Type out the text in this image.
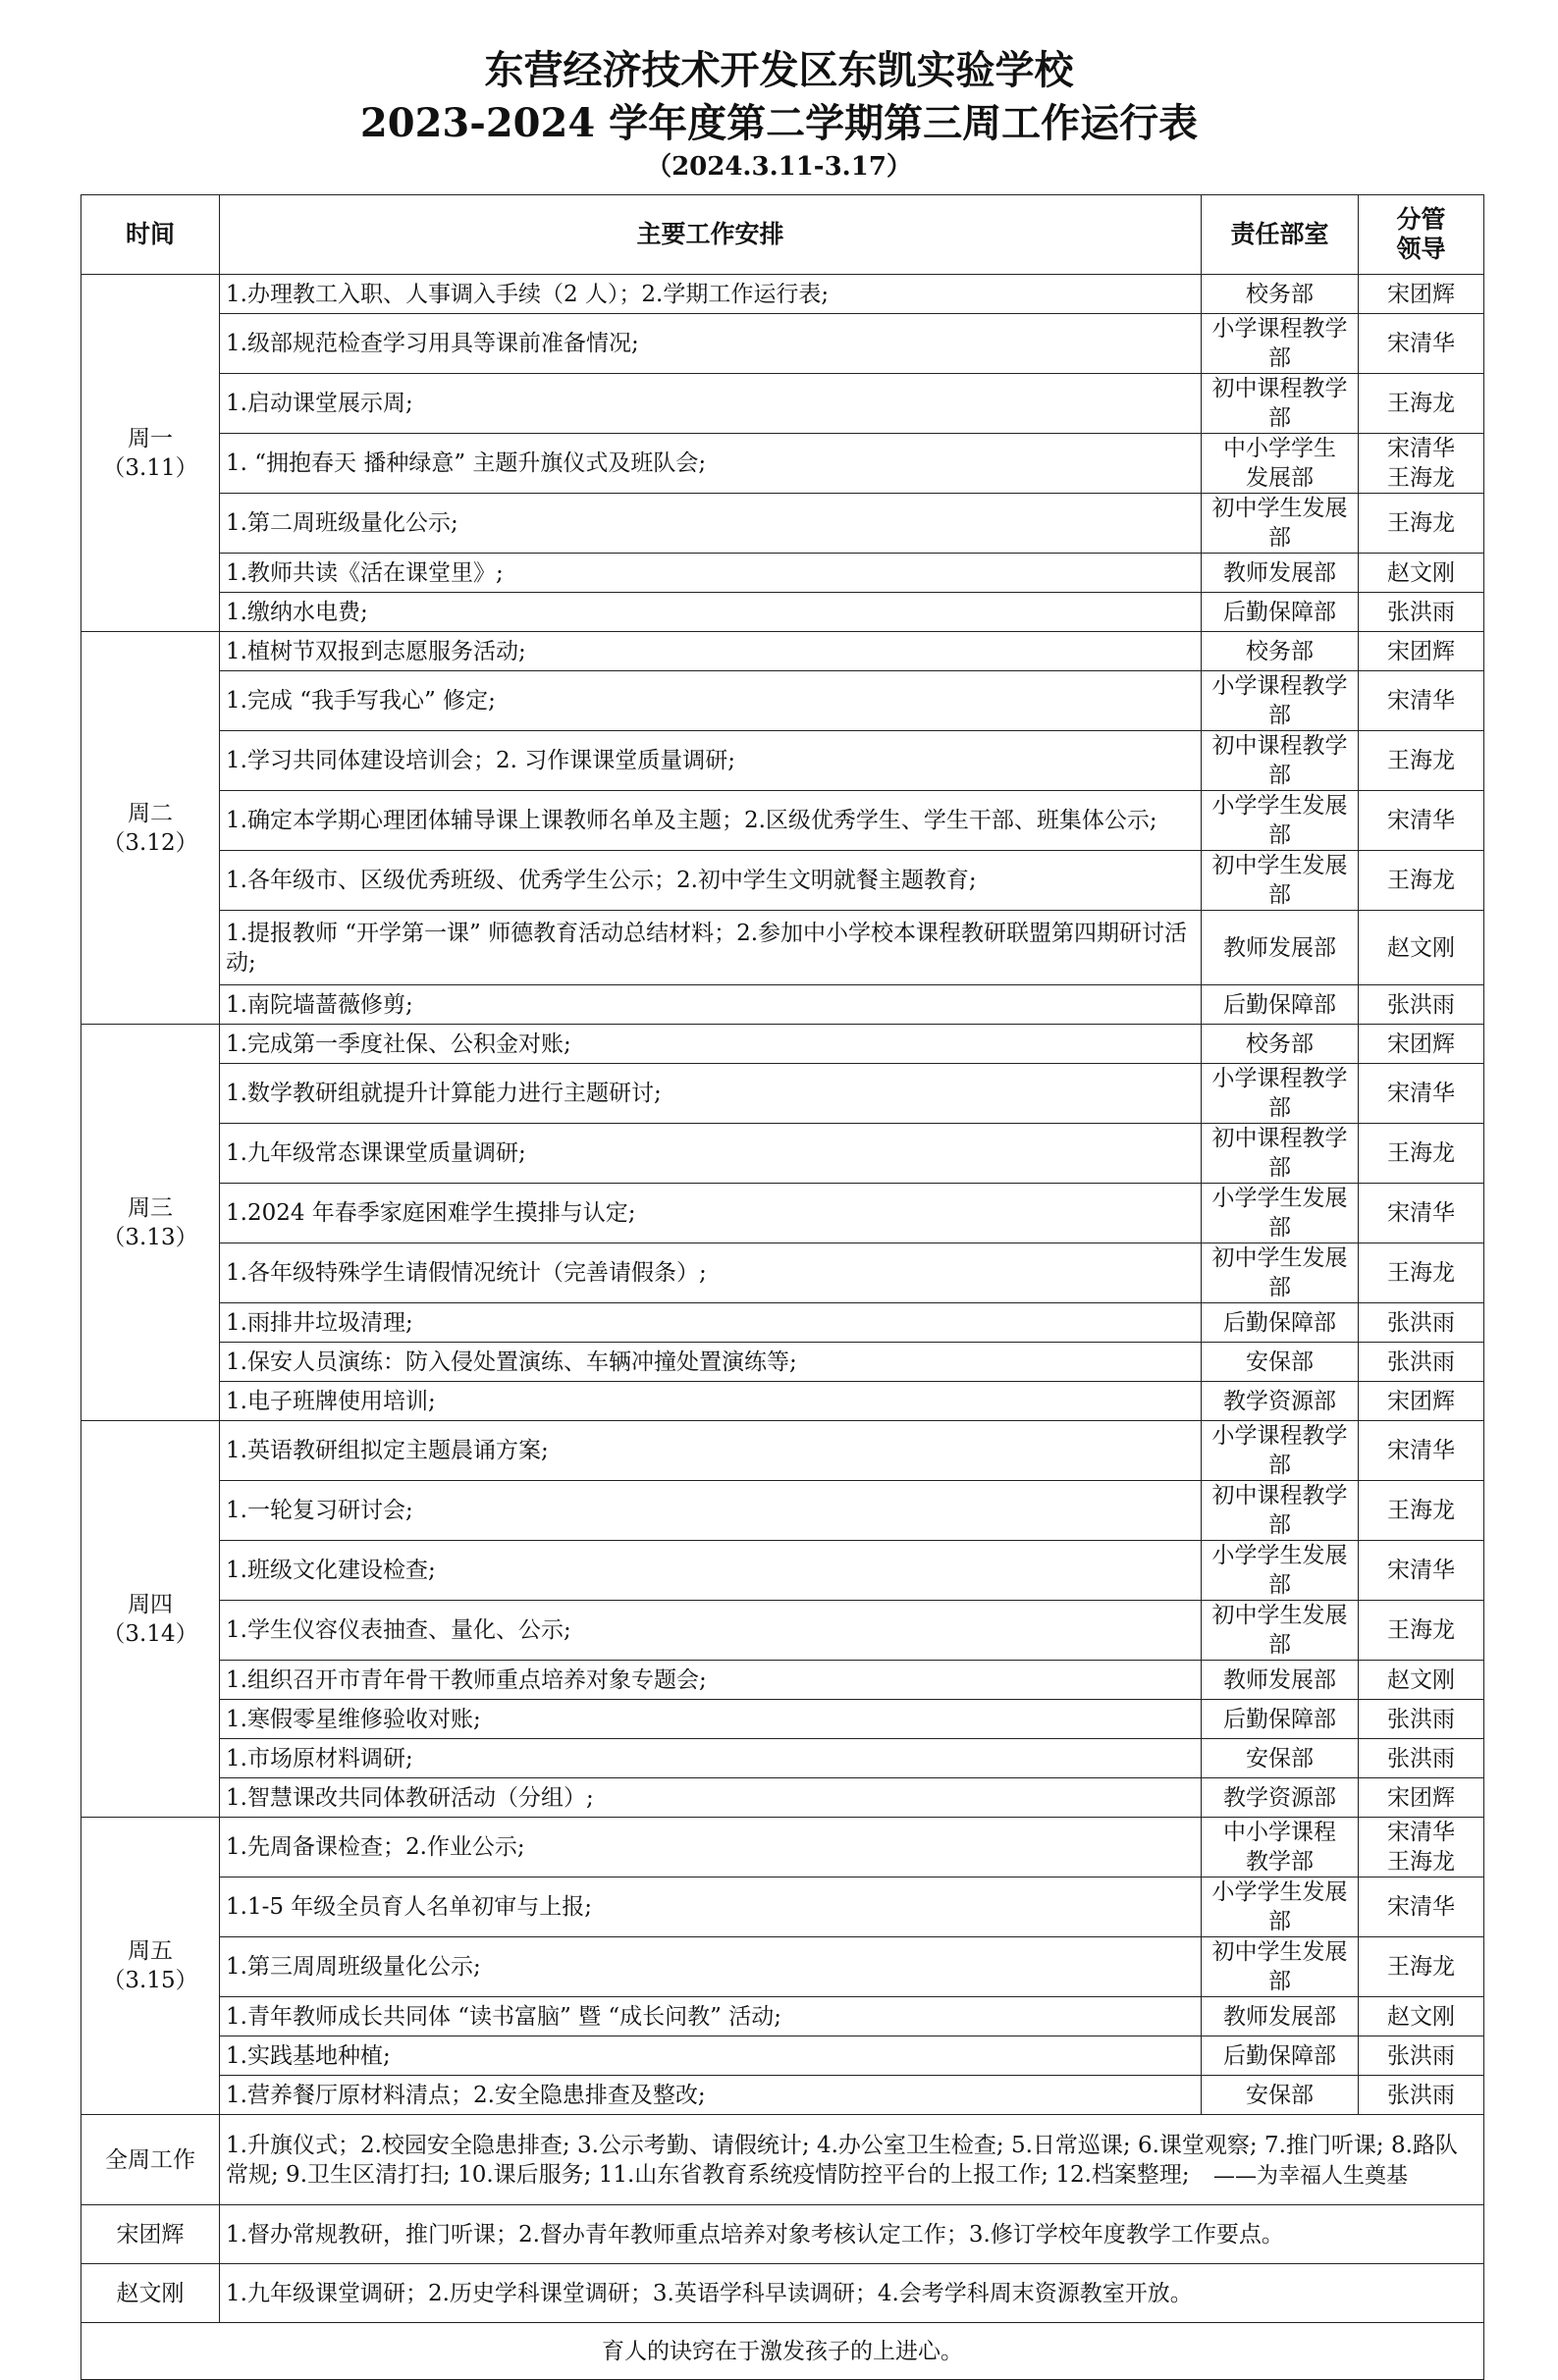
东营经济技术开发区东凯实验学校
2023-2024 学年度第二学期第三周工作运行表
（2024.3.11-3.17）
时间	主要工作安排	责任部室	分管
领导

周一
（3.11）	1.办理教工入职、人事调入手续（2 人）；2.学期工作运行表;	校务部	宋团辉

	1.级部规范检查学习用具等课前准备情况;	小学课程教学部	宋清华

	1.启动课堂展示周;	初中课程教学部	王海龙

	1. “拥抱春天 播种绿意” 主题升旗仪式及班队会;	中小学学生
发展部	宋清华
王海龙

	1.第二周班级量化公示;	初中学生发展部	王海龙

	1.教师共读《活在课堂里》;	教师发展部	赵文刚

	1.缴纳水电费;	后勤保障部	张洪雨

周二
（3.12）	1.植树节双报到志愿服务活动;	校务部	宋团辉

	1.完成 “我手写我心” 修定;	小学课程教学部	宋清华

	1.学习共同体建设培训会；2. 习作课课堂质量调研;	初中课程教学部	王海龙

	1.确定本学期心理团体辅导课上课教师名单及主题；2.区级优秀学生、学生干部、班集体公示;	小学学生发展部	宋清华

	1.各年级市、区级优秀班级、优秀学生公示；2.初中学生文明就餐主题教育;	初中学生发展部	王海龙

	1.提报教师 “开学第一课” 师德教育活动总结材料；2.参加中小学校本课程教研联盟第四期研讨活动;	教师发展部	赵文刚

	1.南院墙蔷薇修剪;	后勤保障部	张洪雨

周三
（3.13）	1.完成第一季度社保、公积金对账;	校务部	宋团辉

	1.数学教研组就提升计算能力进行主题研讨;	小学课程教学部	宋清华

	1.九年级常态课课堂质量调研;	初中课程教学部	王海龙

	1.2024 年春季家庭困难学生摸排与认定;	小学学生发展部	宋清华

	1.各年级特殊学生请假情况统计（完善请假条）;	初中学生发展部	王海龙

	1.雨排井垃圾清理;	后勤保障部	张洪雨

	1.保安人员演练：防入侵处置演练、车辆冲撞处置演练等;	安保部	张洪雨

	1.电子班牌使用培训;	教学资源部	宋团辉

周四
（3.14）	1.英语教研组拟定主题晨诵方案;	小学课程教学部	宋清华

	1.一轮复习研讨会;	初中课程教学部	王海龙

	1.班级文化建设检查;	小学学生发展部	宋清华

	1.学生仪容仪表抽查、量化、公示;	初中学生发展部	王海龙

	1.组织召开市青年骨干教师重点培养对象专题会;	教师发展部	赵文刚

	1.寒假零星维修验收对账;	后勤保障部	张洪雨

	1.市场原材料调研;	安保部	张洪雨

	1.智慧课改共同体教研活动（分组）;	教学资源部	宋团辉

周五
（3.15）	1.先周备课检查；2.作业公示;	中小学课程
教学部	宋清华
王海龙

	1.1-5 年级全员育人名单初审与上报;	小学学生发展部	宋清华

	1.第三周周班级量化公示;	初中学生发展部	王海龙

	1.青年教师成长共同体 “读书富脑” 暨 “成长问教” 活动;	教师发展部	赵文刚

	1.实践基地种植;	后勤保障部	张洪雨

	1.营养餐厅原材料清点；2.安全隐患排查及整改;	安保部	张洪雨

全周工作	1.升旗仪式；2.校园安全隐患排查; 3.公示考勤、请假统计; 4.办公室卫生检查; 5.日常巡课; 6.课堂观察; 7.推门听课; 8.路队常规; 9.卫生区清打扫; 10.课后服务; 11.山东省教育系统疫情防控平台的上报工作; 12.档案整理;		
宋团辉	1.督办常规教研，推门听课；2.督办青年教师重点培养对象考核认定工作；3.修订学校年度教学工作要点。		
赵文刚	1.九年级课堂调研；2.历史学科课堂调研；3.英语学科早读调研；4.会考学科周末资源教室开放。		
育人的诀窍在于激发孩子的上进心。			
——为幸福人生奠基
